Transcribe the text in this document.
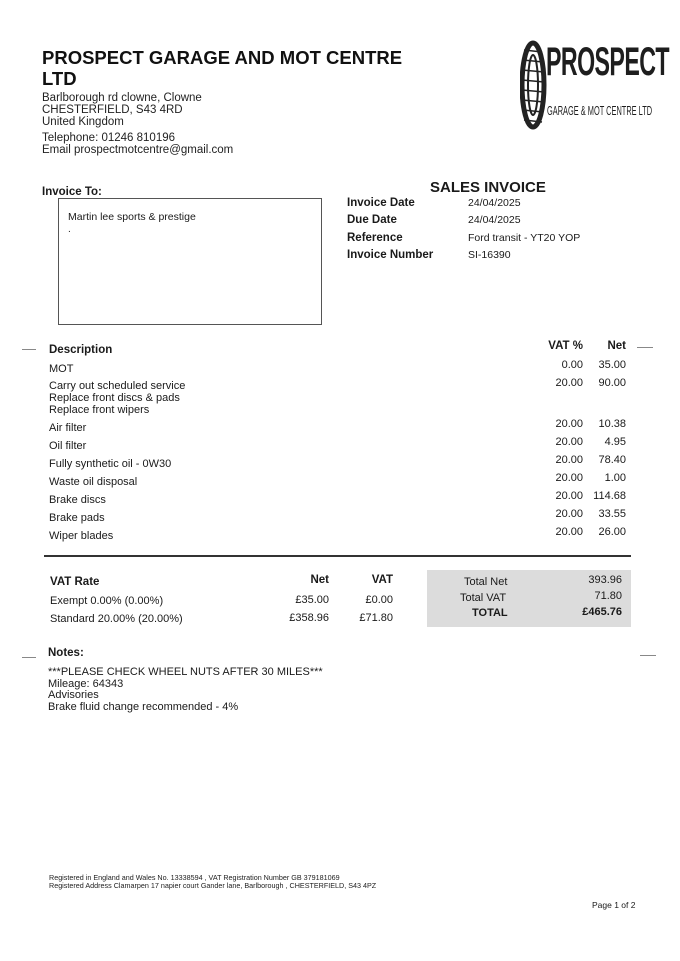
PROSPECT GARAGE AND MOT CENTRE LTD
Barlborough rd clowne, Clowne
CHESTERFIELD, S43 4RD
United Kingdom
Telephone: 01246 810196
Email prospectmotcentre@gmail.com
PROSPECT
GARAGE & MOT CENTRE LTD
Invoice To:
Martin lee sports & prestige
.
SALES INVOICE
Invoice Date	24/04/2025
Due Date	24/04/2025
Reference	Ford transit - YT20 YOP
Invoice Number	SI-16390
Description	VAT %	Net
MOT	0.00	35.00
Carry out scheduled service
Replace front discs & pads
Replace front wipers
20.00	90.00
Air filter	20.00	10.38
Oil filter	20.00	4.95
Fully synthetic oil - 0W30	20.00	78.40
Waste oil disposal	20.00	1.00
Brake discs	20.00 114.68
Brake pads	20.00	33.55
Wiper blades	20.00	26.00
VAT Rate	Net	VAT
Exempt 0.00% (0.00%)	£35.00	£0.00
Standard 20.00% (20.00%)	£358.96	£71.80
Total Net	393.96
Total VAT	71.80
TOTAL	£465.76
Notes:
***PLEASE CHECK WHEEL NUTS AFTER 30 MILES***
Mileage: 64343
Advisories
Brake fluid change recommended - 4%
Registered in England and Wales No. 13338594 , VAT Registration Number GB 379181069
Registered Address Clamarpen 17 napier court Gander lane, Barlborough , CHESTERFIELD, S43 4PZ
Page 1 of 2
